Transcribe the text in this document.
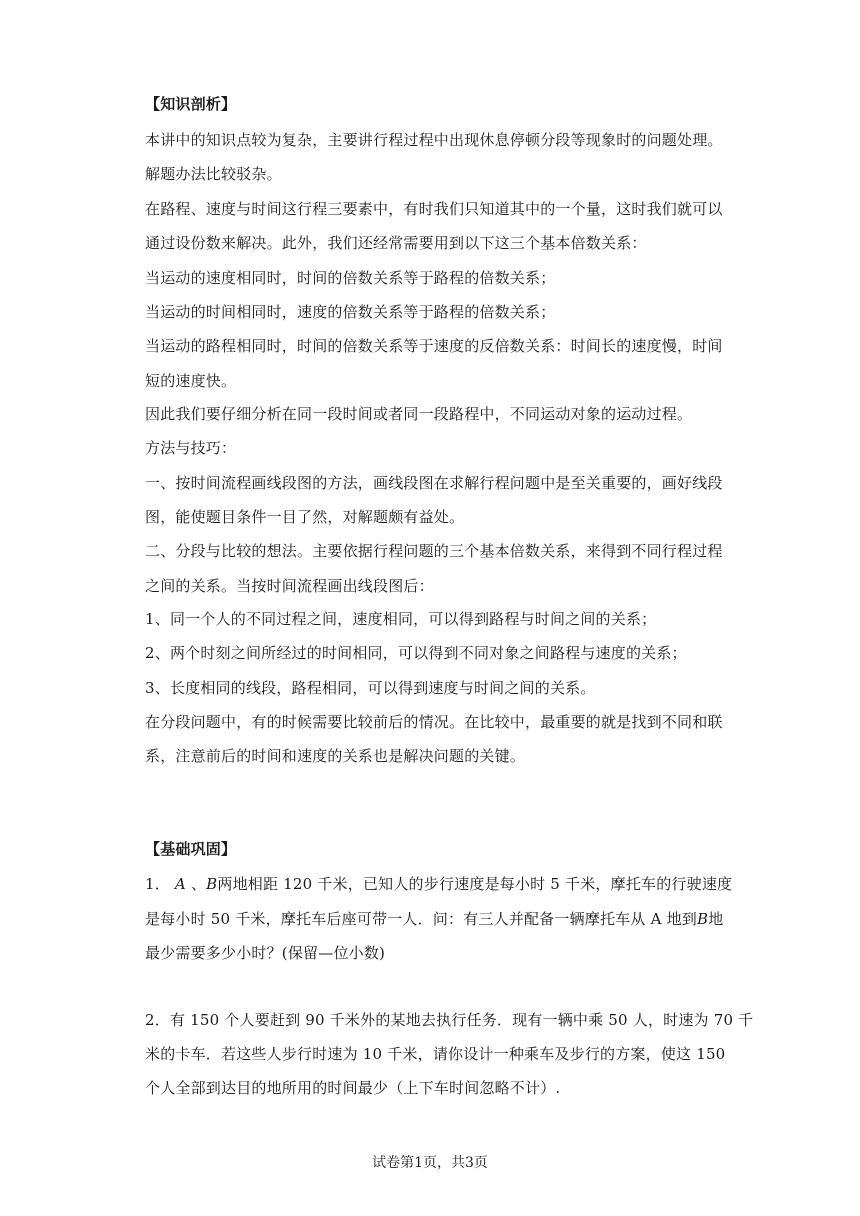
【知识剖析】
本讲中的知识点较为复杂，主要讲行程过程中出现休息停顿分段等现象时的问题处理。
解题办法比较驳杂。
在路程、速度与时间这行程三要素中，有时我们只知道其中的一个量，这时我们就可以
通过设份数来解决。此外，我们还经常需要用到以下这三个基本倍数关系：
当运动的速度相同时，时间的倍数关系等于路程的倍数关系；
当运动的时间相同时，速度的倍数关系等于路程的倍数关系；
当运动的路程相同时，时间的倍数关系等于速度的反倍数关系：时间长的速度慢，时间
短的速度快。
因此我们要仔细分析在同一段时间或者同一段路程中，不同运动对象的运动过程。
方法与技巧：
一、按时间流程画线段图的方法，画线段图在求解行程问题中是至关重要的，画好线段
图，能使题目条件一目了然，对解题颇有益处。
二、分段与比较的想法。主要依据行程问题的三个基本倍数关系，来得到不同行程过程
之间的关系。当按时间流程画出线段图后：
1、同一个人的不同过程之间，速度相同，可以得到路程与时间之间的关系；
2、两个时刻之间所经过的时间相同，可以得到不同对象之间路程与速度的关系；
3、长度相同的线段，路程相同，可以得到速度与时间之间的关系。
在分段问题中，有的时候需要比较前后的情况。在比较中，最重要的就是找到不同和联
系，注意前后的时间和速度的关系也是解决问题的关键。
【基础巩固】
1． A 、B两地相距 120 千米，已知人的步行速度是每小时 5 千米，摩托车的行驶速度
是每小时 50 千米，摩托车后座可带一人．问：有三人并配备一辆摩托车从 A 地到B地
最少需要多少小时？(保留—位小数)
2．有 150 个人要赶到 90 千米外的某地去执行任务．现有一辆中乘 50 人，时速为 70 千
米的卡车．若这些人步行时速为 10 千米，请你设计一种乘车及步行的方案，使这 150
个人全部到达目的地所用的时间最少（上下车时间忽略不计）.
试卷第1页，共3页
